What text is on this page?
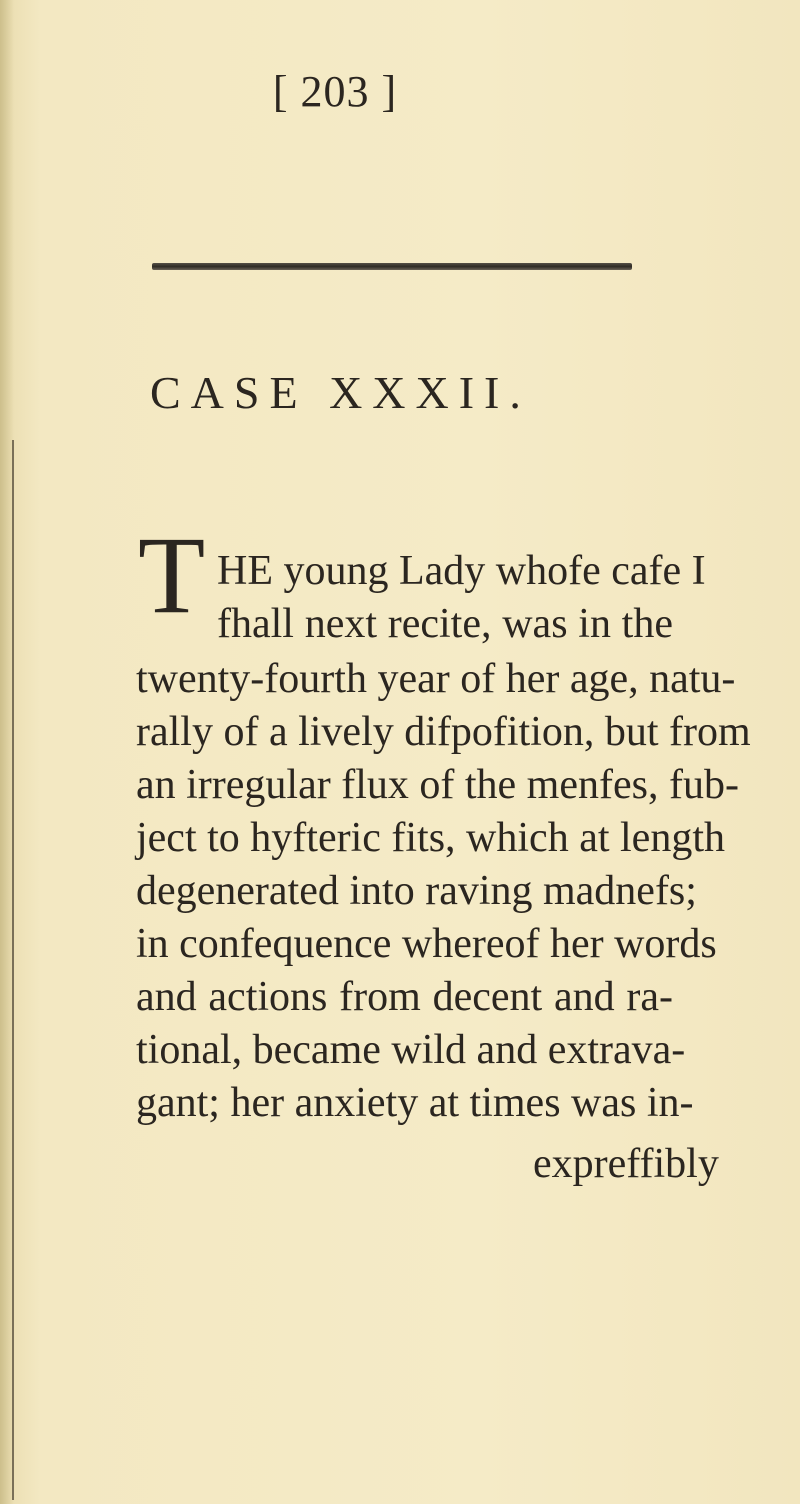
[ 203 ]
CASE XXXII.
T HE young Lady whofe cafe I
fhall next recite, was in the
twenty-fourth year of her age, natu-
rally of a lively difpofition, but from
an irregular flux of the menfes, fub-
ject to hyfteric fits, which at length
degenerated into raving madnefs;
in confequence whereof her words
and actions from decent and ra-
tional, became wild and extrava-
gant; her anxiety at times was in-
expreffibly
